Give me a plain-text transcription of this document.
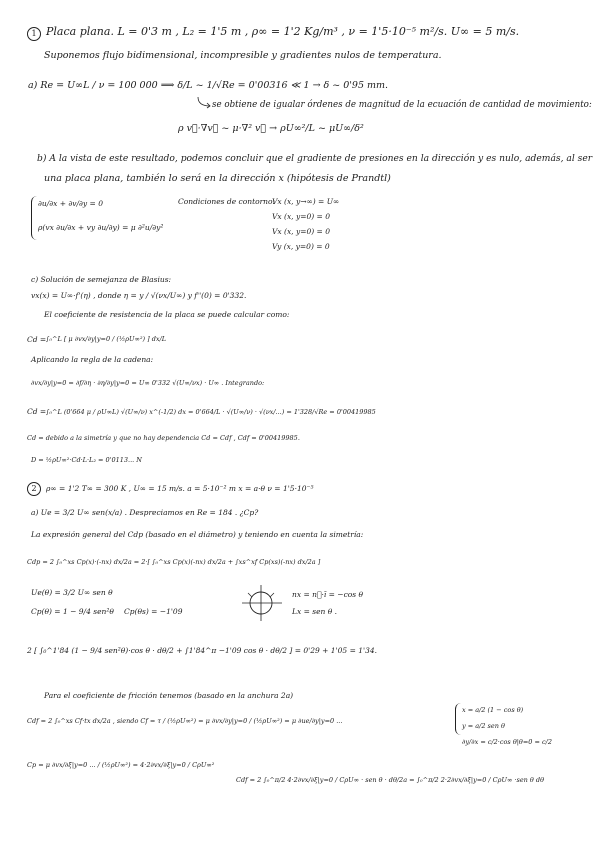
1 Placa plana. L = 0'3 m , L₂ = 1'5 m , ρ∞ = 1'2 Kg/m³ , ν = 1'5·10⁻⁵ m²/s. U∞ = 5 m/s.
Suponemos flujo bidimensional, incompresible y gradientes nulos de temperatura.
a) Re = U∞L / ν = 100 000 ⟹ δ/L ~ 1/√Re = 0'00316 ≪ 1 → δ ~ 0'95 mm.
se obtiene de igualar órdenes de magnitud de la ecuación de cantidad de movimiento:
ρ v⃗·∇v⃗ ~ μ·∇² v⃗ → ρU∞²/L ~ μU∞/δ²
b) A la vista de este resultado, podemos concluir que el gradiente de presiones en la dirección y es nulo, además, al ser
una placa plana, también lo será en la dirección x (hipótesis de Prandtl)
∂u/∂x + ∂v/∂y = 0
ρ(vx ∂u/∂x + vy ∂u/∂y) = μ ∂²u/∂y²
Condiciones de contorno:
Vx (x, y→∞) = U∞
Vx (x, y=0) = 0
Vx (x, y=0) = 0
Vy (x, y=0) = 0
c) Solución de semejanza de Blasius:
vx(x) = U∞·f'(η) , donde η = y / √(νx/U∞) y f''(0) = 0'332.
El coeficiente de resistencia de la placa se puede calcular como:
Cd = ∫₀^L [ μ ∂vx/∂y|y=0 / (½ρU∞²) ] dx/L
Aplicando la regla de la cadena:
∂vx/∂y|y=0 = ∂f/∂η · ∂η/∂y|y=0 = U∞ 0'332 √(U∞/νx) · U∞ . Integrando:
Cd = ∫₀^L (0'664 μ / ρU∞L) √(U∞/ν) x^(-1/2) dx = 0'664/L · √(U∞/ν) · √(νx/...) = 1'328/√Re = 0'00419985
Cd = debido a la simetría y que no hay dependencia Cd = Cdf , Cdf = 0'00419985.
D = ½ρU∞²·Cd·L·L₂ = 0'0113... N
2	ρ∞ = 1'2 T∞ = 300 K , U∞ = 15 m/s. a = 5·10⁻² m x = a·θ ν = 1'5·10⁻⁵
a) Ue = 3/2 U∞ sen(x/a) . Despreciamos en Re = 184 . ¿Cp?
La expresión general del Cdp (basado en el diámetro) y teniendo en cuenta la simetría:
Cdp = 2 ∫₀^xs Cp(x)·(-nx) dx/2a = 2·[ ∫₀^xs Cp(x)(-nx) dx/2a + ∫xs^xf Cp(xs)(-nx) dx/2a ]
Ue(θ) = 3/2 U∞ sen θ
Cp(θ) = 1 − 9/4 sen²θ Cp(θs) = −1'09
nx = n⃗·ī = −cos θ
Lx = sen θ .
2 [ ∫₀^1'84 (1 − 9/4 sen²θ)·cos θ · dθ/2 + ∫1'84^π −1'09 cos θ · dθ/2 ] = 0'29 + 1'05 = 1'34.
Para el coeficiente de fricción tenemos (basado en la anchura 2a)
Cdf = 2 ∫₀^xs Cf·tx dx/2a , siendo Cf = τ / (½ρU∞²) = μ ∂vx/∂y|y=0 / (½ρU∞²) = μ ∂ue/∂y|y=0 ...
x = a/2 (1 − cos θ)
y = a/2 sen θ
∂y/∂x = c/2·cos θ|θ=0 = c/2
Cp = μ ∂vx/∂ξ|y=0 ... / (½ρU∞²) = 4·2∂vx/∂ξ|y=0 / CρU∞²
Cdf = 2 ∫₀^π/2 4·2∂vx/∂ξ|y=0 / CρU∞ · sen θ · dθ/2a = ∫₀^π/2 2·2∂vx/∂ξ|y=0 / CρU∞ ·sen θ dθ
